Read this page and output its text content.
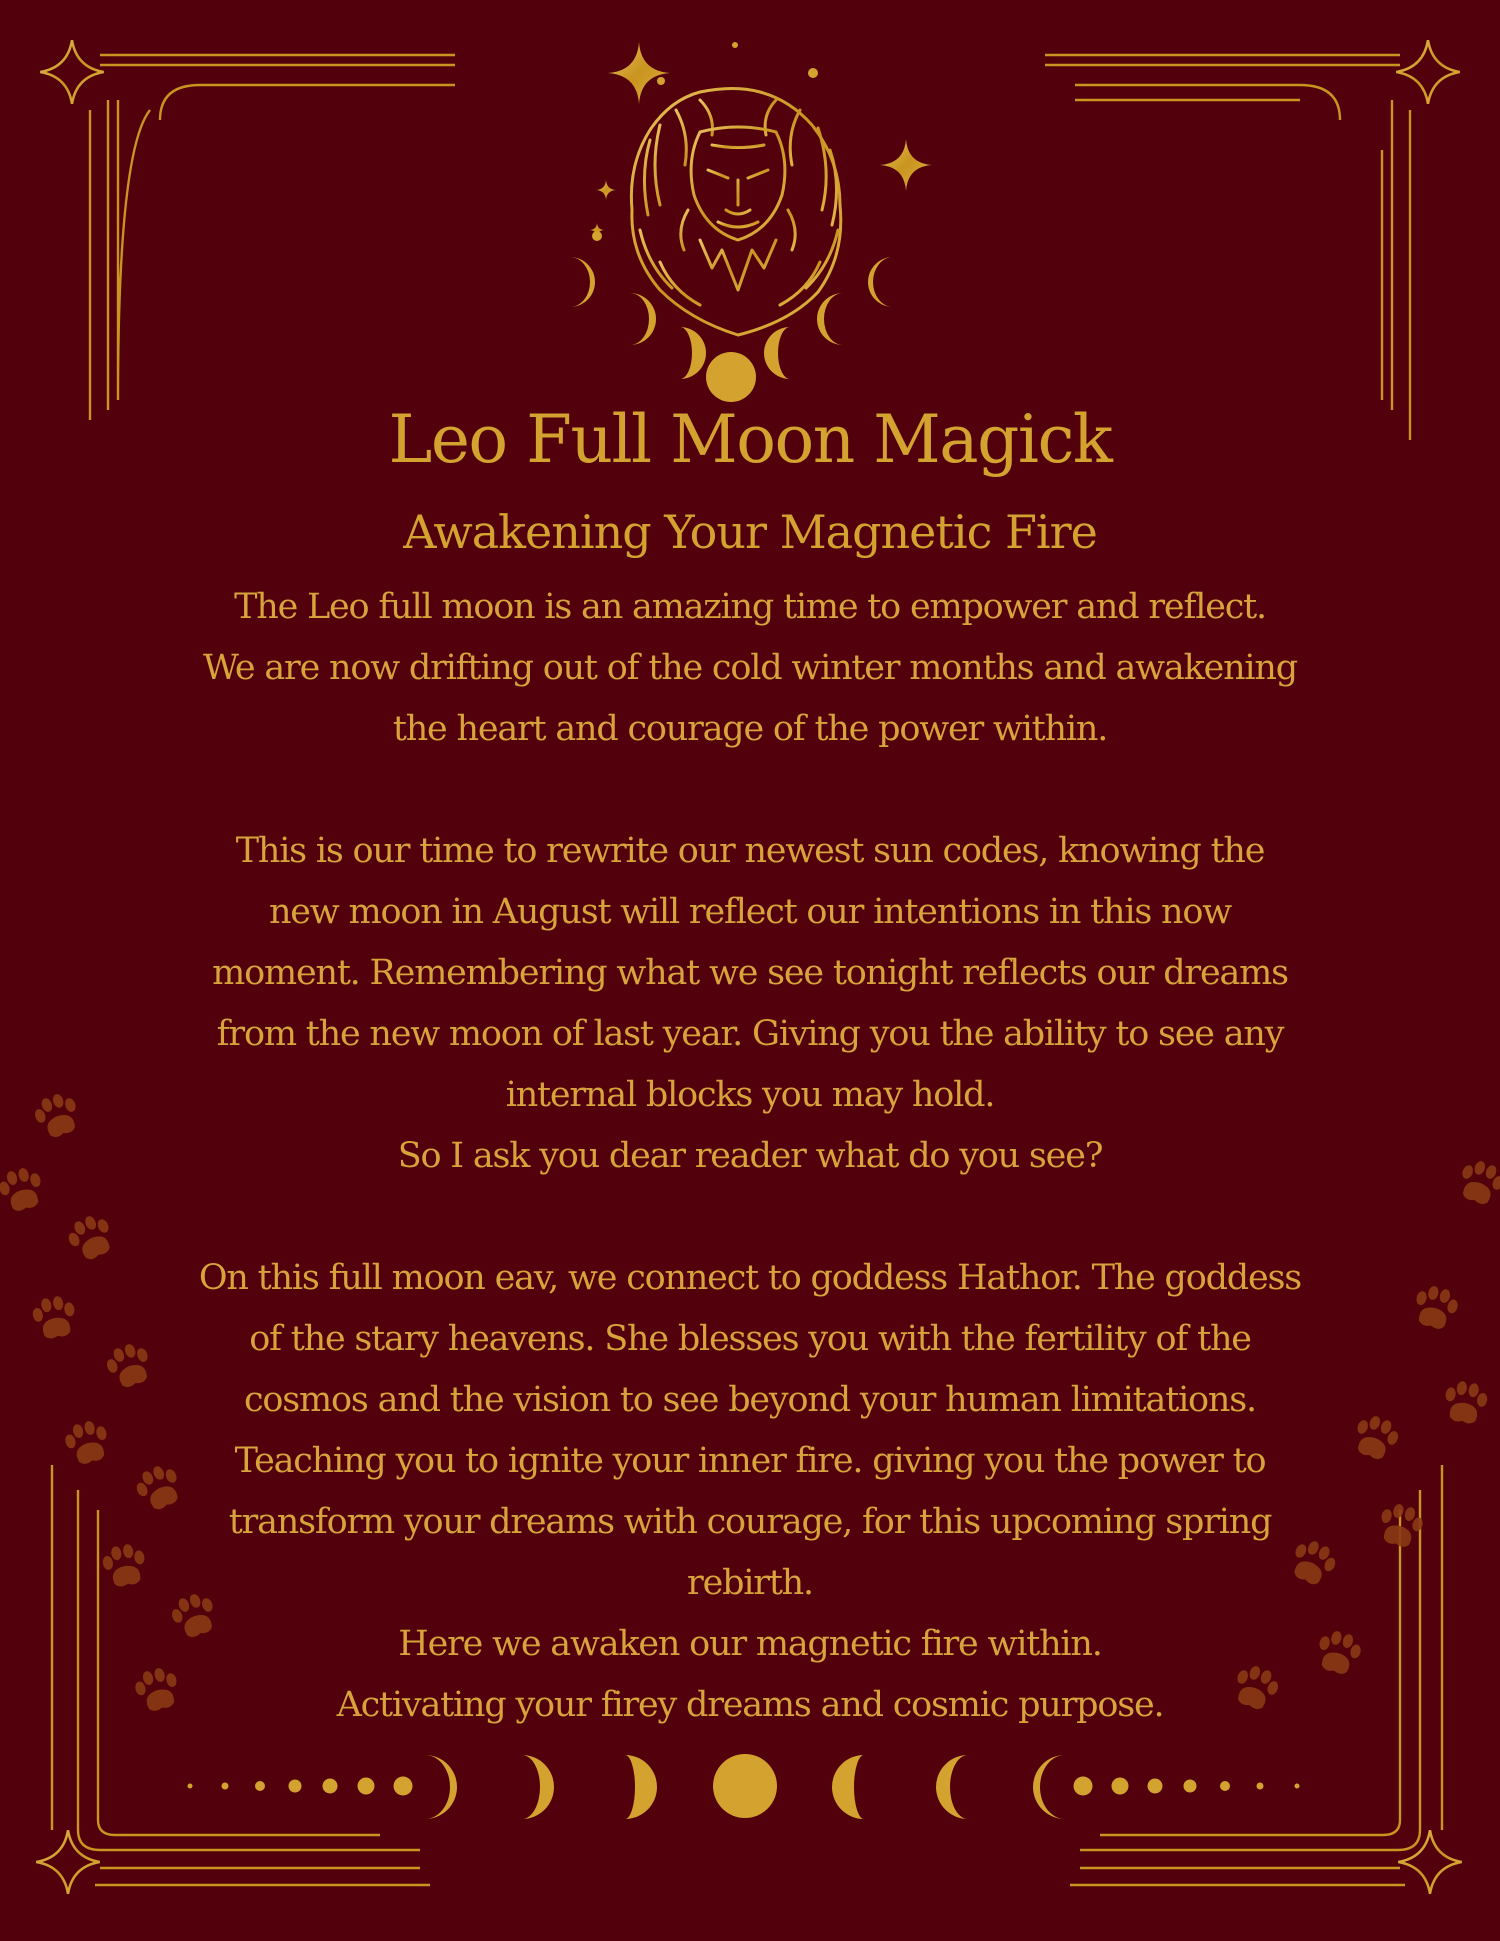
Leo Full Moon Magick
Awakening Your Magnetic Fire
The Leo full moon is an amazing time to empower and reflect.
We are now drifting out of the cold winter months and awakening
the heart and courage of the power within.
This is our time to rewrite our newest sun codes, knowing the
new moon in August will reflect our intentions in this now
moment. Remembering what we see tonight reflects our dreams
from the new moon of last year. Giving you the ability to see any
internal blocks you may hold.
So I ask you dear reader what do you see?
On this full moon eav, we connect to goddess Hathor. The goddess
of the stary heavens. She blesses you with the fertility of the
cosmos and the vision to see beyond your human limitations.
Teaching you to ignite your inner fire. giving you the power to
transform your dreams with courage, for this upcoming spring
rebirth.
Here we awaken our magnetic fire within.
Activating your firey dreams and cosmic purpose.
